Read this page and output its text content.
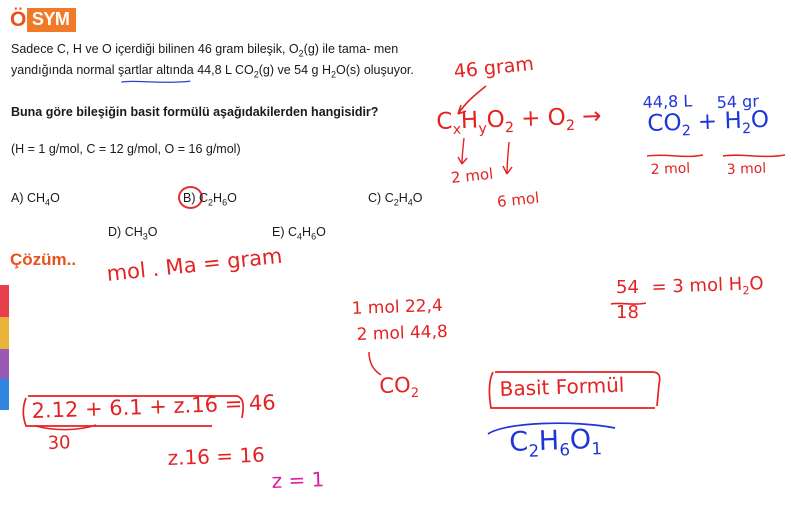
Ö SYM
Sadece C, H ve O içerdiği bilinen 46 gram bileşik, $O_2(g)$ ile tama- men yandığında normal şartlar altında 44,8 L $CO_2(g)$ ve 54 g $H_2O(s)$ oluşuyor.
Buna göre bileşiğin basit formülü aşağıdakilerden hangisidir?
(H = 1 g/mol, C = 12 g/mol, O = 16 g/mol)
A) $CH_4O$	B) $C_2H_6O$	C) $C_2H_4O$
D) $CH_3O$	E) $C_4H_6O$
Çözüm..
46 gram
$C_xH_yO_2 + O_2$ →
2 mol
6 mol
44,8 L 54 gr
$CO_2 + H_2O$
2 mol	3 mol
mol . Ma = gram
1 mol 22,4
2 mol 44,8
$CO_2$
54
18
= 3 mol $H_2O$
Basit Formül
$C_2H_6O_1$
2.12 + 6.1 + z.16 = 46
30	z.16 = 16
z = 1
